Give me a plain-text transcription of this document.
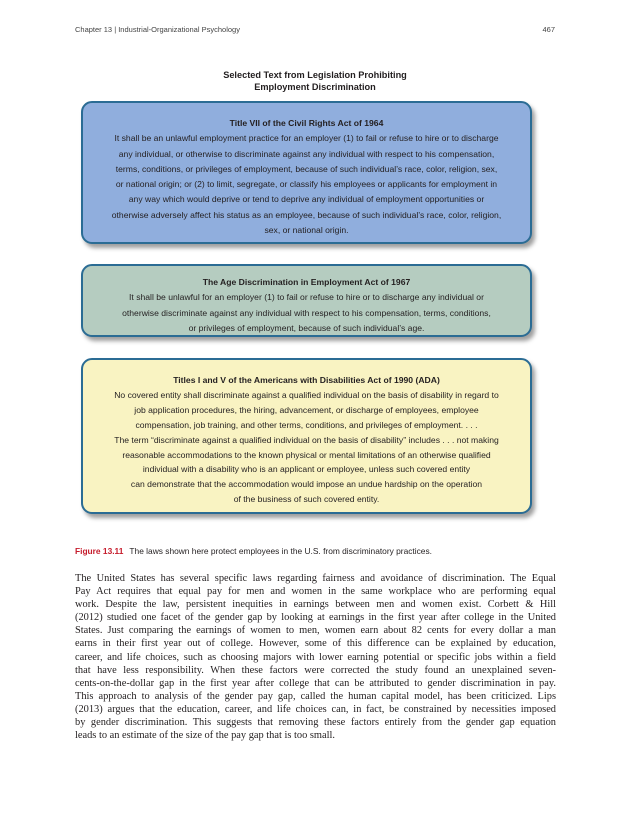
Chapter 13 | Industrial-Organizational Psychology	467
Selected Text from Legislation Prohibiting
Employment Discrimination
Title VII of the Civil Rights Act of 1964
It shall be an unlawful employment practice for an employer (1) to fail or refuse to hire or to discharge
any individual, or otherwise to discriminate against any individual with respect to his compensation,
terms, conditions, or privileges of employment, because of such individual’s race, color, religion, sex,
or national origin; or (2) to limit, segregate, or classify his employees or applicants for employment in
any way which would deprive or tend to deprive any individual of employment opportunities or
otherwise adversely affect his status as an employee, because of such individual’s race, color, religion,
sex, or national origin.
The Age Discrimination in Employment Act of 1967
It shall be unlawful for an employer (1) to fail or refuse to hire or to discharge any individual or
otherwise discriminate against any individual with respect to his compensation, terms, conditions,
or privileges of employment, because of such individual’s age.
Titles I and V of the Americans with Disabilities Act of 1990 (ADA)
No covered entity shall discriminate against a qualified individual on the basis of disability in regard to
job application procedures, the hiring, advancement, or discharge of employees, employee
compensation, job training, and other terms, conditions, and privileges of employment. . . .
The term “discriminate against a qualified individual on the basis of disability” includes . . . not making
reasonable accommodations to the known physical or mental limitations of an otherwise qualified
individual with a disability who is an applicant or employee, unless such covered entity
can demonstrate that the accommodation would impose an undue hardship on the operation
of the business of such covered entity.
Figure 13.11 The laws shown here protect employees in the U.S. from discriminatory practices.
The United States has several specific laws regarding fairness and avoidance of discrimination. The Equal
Pay Act requires that equal pay for men and women in the same workplace who are performing equal
work. Despite the law, persistent inequities in earnings between men and women exist. Corbett & Hill
(2012) studied one facet of the gender gap by looking at earnings in the first year after college in the United
States. Just comparing the earnings of women to men, women earn about 82 cents for every dollar a man
earns in their first year out of college. However, some of this difference can be explained by education,
career, and life choices, such as choosing majors with lower earning potential or specific jobs within a field
that have less responsibility. When these factors were corrected the study found an unexplained seven-
cents-on-the-dollar gap in the first year after college that can be attributed to gender discrimination in pay.
This approach to analysis of the gender pay gap, called the human capital model, has been criticized. Lips
(2013) argues that the education, career, and life choices can, in fact, be constrained by necessities imposed
by gender discrimination. This suggests that removing these factors entirely from the gender gap equation
leads to an estimate of the size of the pay gap that is too small.
